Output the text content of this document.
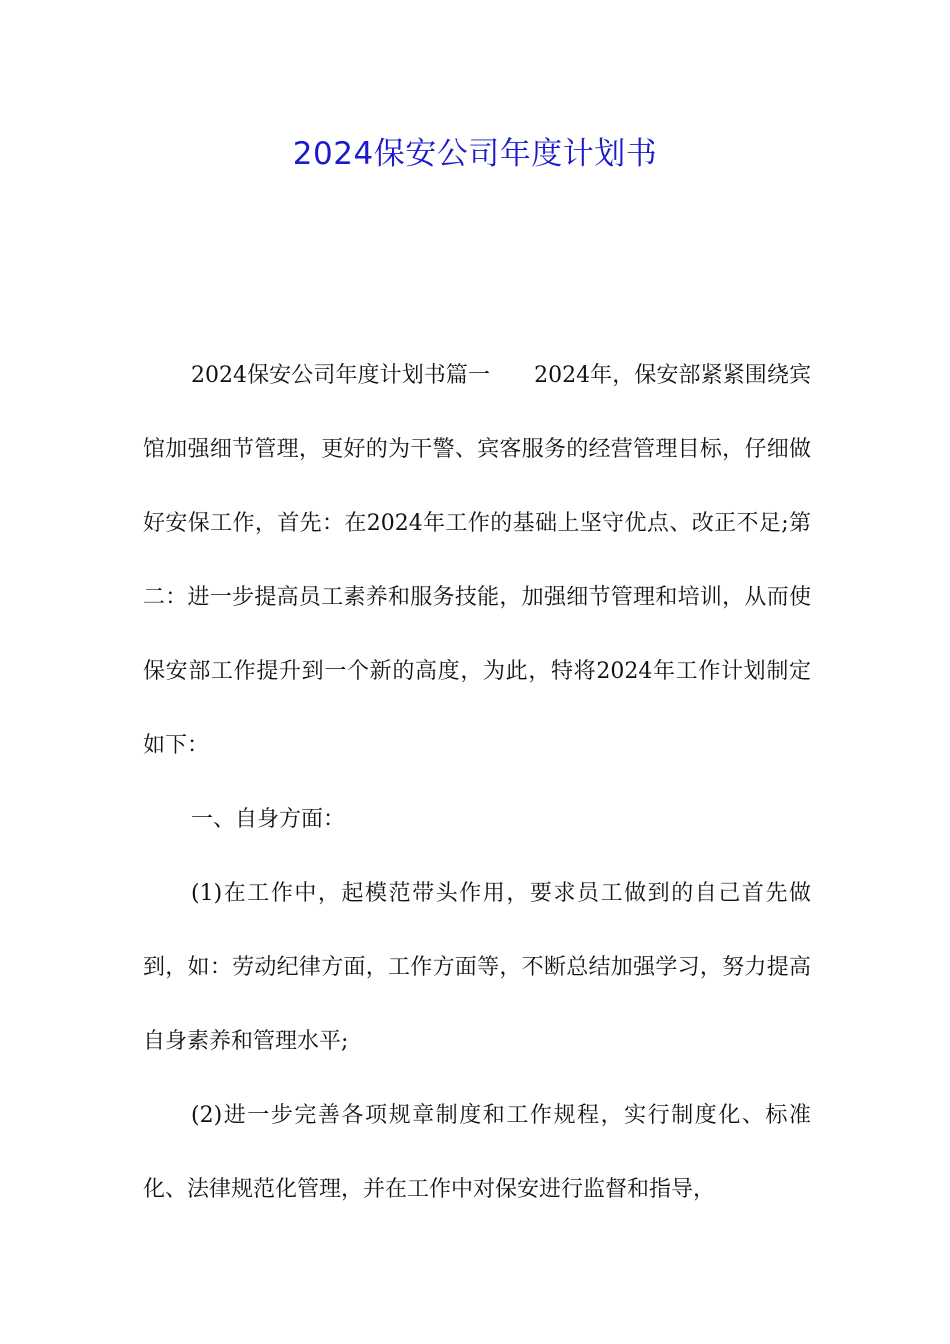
2024保安公司年度计划书

2024保安公司年度计划书篇一 2024年，保安部紧紧围绕宾馆加强细节管理，更好的为干警、宾客服务的经营管理目标，仔细做好安保工作，首先：在2024年工作的基础上坚守优点、改正不足;第二：进一步提高员工素养和服务技能，加强细节管理和培训，从而使保安部工作提升到一个新的高度，为此，特将2024年工作计划制定如下：

一、自身方面：

(1)在工作中，起模范带头作用，要求员工做到的自己首先做到，如：劳动纪律方面，工作方面等，不断总结加强学习，努力提高自身素养和管理水平;

(2)进一步完善各项规章制度和工作规程，实行制度化、标准化、法律规范化管理，并在工作中对保安进行监督和指导，
